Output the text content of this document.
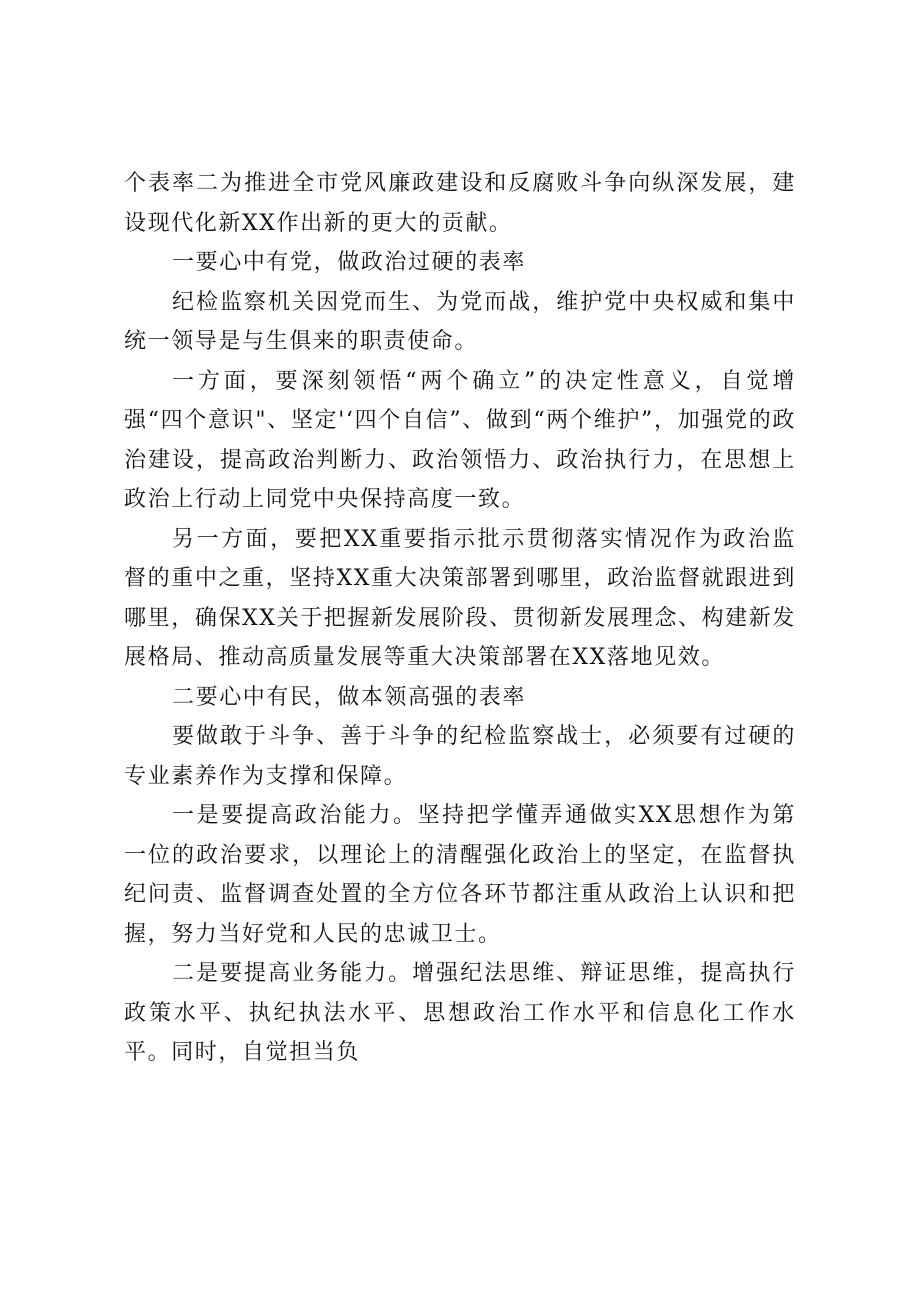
个表率二为推进全市党风廉政建设和反腐败斗争向纵深发展，建设现代化新XX作出新的更大的贡献。

一要心中有党，做政治过硬的表率

纪检监察机关因党而生、为党而战，维护党中央权威和集中统一领导是与生俱来的职责使命。

一方面，要深刻领悟“两个确立”的决定性意义，自觉增强“四个意识"、坚定'‘四个自信”、做到“两个维护”，加强党的政治建设，提高政治判断力、政治领悟力、政治执行力，在思想上政治上行动上同党中央保持高度一致。

另一方面，要把XX重要指示批示贯彻落实情况作为政治监督的重中之重，坚持XX重大决策部署到哪里，政治监督就跟进到哪里，确保XX关于把握新发展阶段、贯彻新发展理念、构建新发展格局、推动高质量发展等重大决策部署在XX落地见效。

二要心中有民，做本领高强的表率

要做敢于斗争、善于斗争的纪检监察战士，必须要有过硬的专业素养作为支撑和保障。

一是要提高政治能力。坚持把学懂弄通做实XX思想作为第一位的政治要求，以理论上的清醒强化政治上的坚定，在监督执纪问责、监督调查处置的全方位各环节都注重从政治上认识和把握，努力当好党和人民的忠诚卫士。

二是要提高业务能力。增强纪法思维、辩证思维，提高执行政策水平、执纪执法水平、思想政治工作水平和信息化工作水平。同时，自觉担当负
